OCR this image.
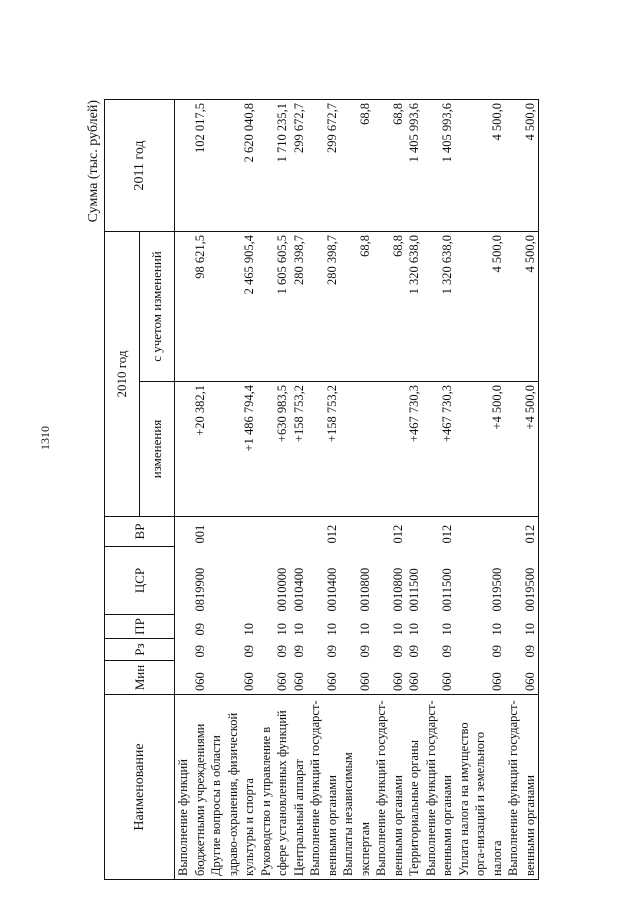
1310
Сумма (тыс. рублей)
Наименование	Мин	Рз	ПР	ЦСР	ВР	2010 год		2011 год
						изменения	с учетом изменений	
Выполнение функций бюджетными учреждениями	060	09	09	0819900	001	+20 382,1	98 621,5	102 017,5
Другие вопросы в области здраво-охранения, физической культуры и спорта	060	09	10			+1 486 794,4	2 465 905,4	2 620 040,8
Руководство и управление в сфере установленных функций	060	09	10	0010000		+630 983,5	1 605 605,5	1 710 235,1
Центральный аппарат	060	09	10	0010400		+158 753,2	280 398,7	299 672,7
Выполнение функций государст-венными органами	060	09	10	0010400	012	+158 753,2	280 398,7	299 672,7
Выплаты независимым экспертам	060	09	10	0010800			68,8	68,8
Выполнение функций государст-венными органами	060	09	10	0010800	012		68,8	68,8
Территориальные органы	060	09	10	0011500		+467 730,3	1 320 638,0	1 405 993,6
Выполнение функций государст-венными органами	060	09	10	0011500	012	+467 730,3	1 320 638,0	1 405 993,6
Уплата налога на имущество орга-низаций и земельного налога	060	09	10	0019500		+4 500,0	4 500,0	4 500,0
Выполнение функций государст-венными органами	060	09	10	0019500	012	+4 500,0	4 500,0	4 500,0
